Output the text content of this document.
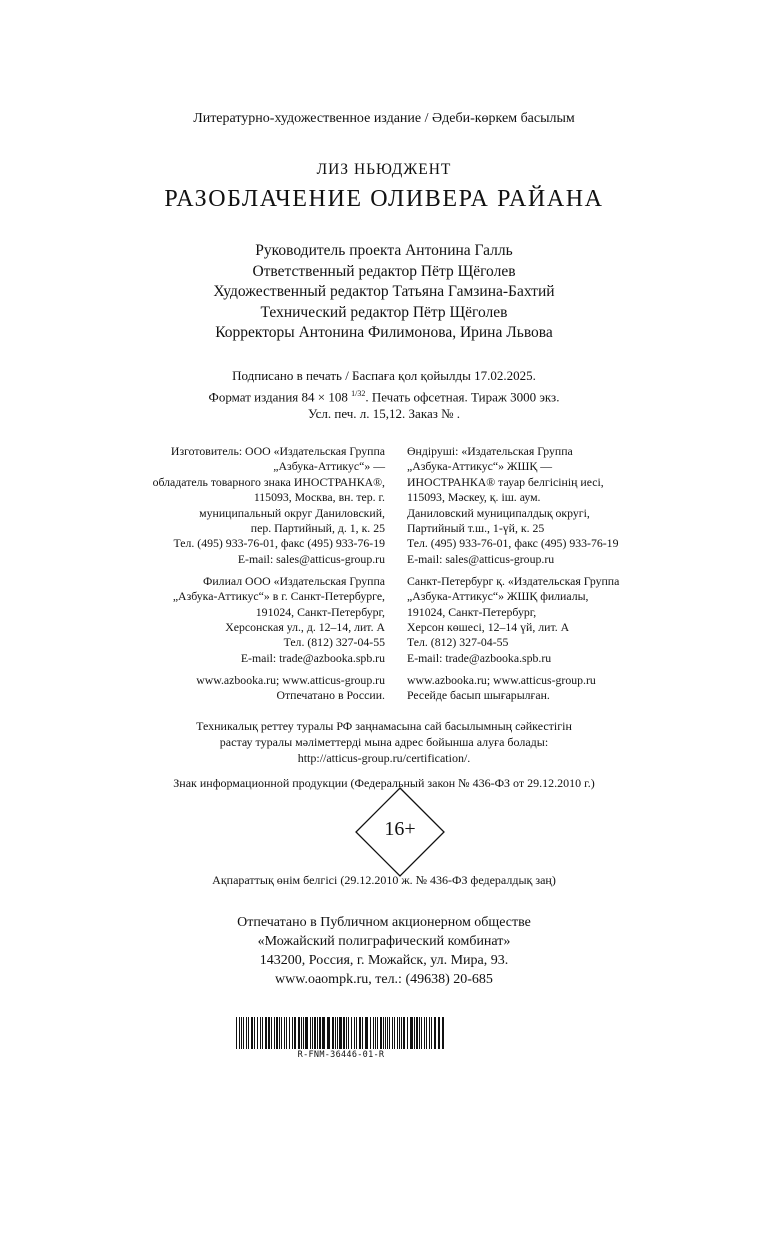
Литературно-художественное издание / Әдеби-көркем басылым
ЛИЗ НЬЮДЖЕНТ
РАЗОБЛАЧЕНИЕ ОЛИВЕРА РАЙАНА
Руководитель проекта Антонина Галль
Ответственный редактор Пётр Щёголев
Художественный редактор Татьяна Гамзина-Бахтий
Технический редактор Пётр Щёголев
Корректоры Антонина Филимонова, Ирина Львова
Подписано в печать / Баспаға қол қойылды 17.02.2025.
Формат издания 84 × 108 $^{1/32}$. Печать офсетная. Тираж 3000 экз.
Усл. печ. л. 15,12. Заказ № .
Изготовитель: ООО «Издательская Группа
„Азбука-Аттикус“» —
обладатель товарного знака ИНОСТРАНКА®,
115093, Москва, вн. тер. г.
муниципальный округ Даниловский,
пер. Партийный, д. 1, к. 25
Тел. (495) 933-76-01, факс (495) 933-76-19
E-mail: sales@atticus-group.ru
Филиал ООО «Издательская Группа
„Азбука-Аттикус“» в г. Санкт-Петербурге,
191024, Санкт-Петербург,
Херсонская ул., д. 12–14, лит. А
Тел. (812) 327-04-55
E-mail: trade@azbooka.spb.ru
www.azbooka.ru; www.atticus-group.ru
Отпечатано в России.
Өндіруші: «Издательская Группа
„Азбука-Аттикус“» ЖШҚ —
ИНОСТРАНКА® тауар белгісінің иесі,
115093, Мәскеу, қ. іш. аум.
Даниловский муниципалдық округі,
Партийный т.ш., 1-үй, к. 25
Тел. (495) 933-76-01, факс (495) 933-76-19
E-mail: sales@atticus-group.ru
Санкт-Петербург қ. «Издательская Группа
„Азбука-Аттикус“» ЖШҚ филиалы,
191024, Санкт-Петербург,
Херсон көшесі, 12–14 үй, лит. А
Тел. (812) 327-04-55
E-mail: trade@azbooka.spb.ru
www.azbooka.ru; www.atticus-group.ru
Ресейде басып шығарылған.
Техникалық реттеу туралы РФ заңнамасына сай басылымның сәйкестігін
растау туралы мәліметтерді мына адрес бойынша алуға болады:
http://atticus-group.ru/certification/.
Знак информационной продукции (Федеральный закон № 436-ФЗ от 29.12.2010 г.)
16+
Ақпараттық өнім белгісі (29.12.2010 ж. № 436-ФЗ федералдық заң)
Отпечатано в Публичном акционерном обществе
«Можайский полиграфический комбинат»
143200, Россия, г. Можайск, ул. Мира, 93.
www.oaompk.ru, тел.: (49638) 20-685
R-FNM-36446-01-R
